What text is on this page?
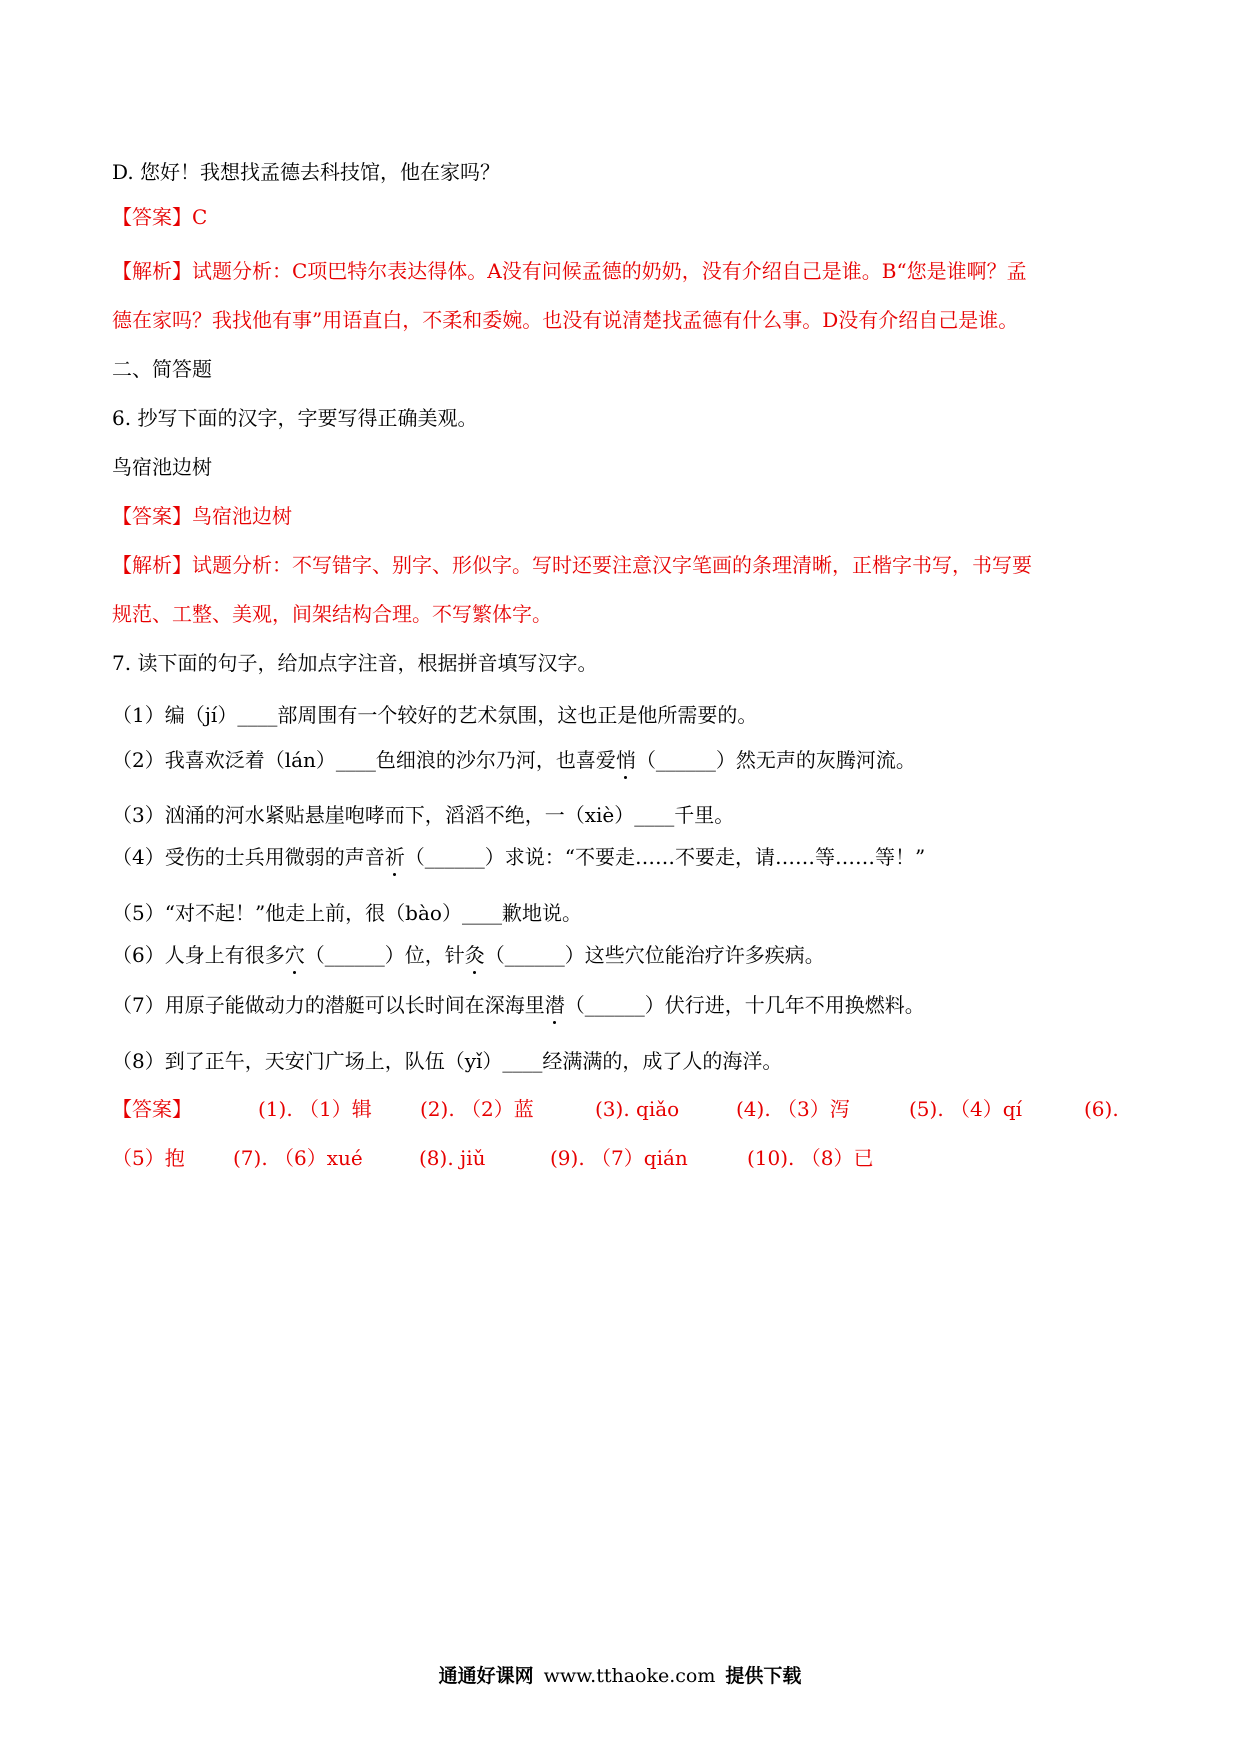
D. 您好！我想找孟德去科技馆，他在家吗？
【答案】C
【解析】试题分析：C项巴特尔表达得体。A没有问候孟德的奶奶，没有介绍自己是谁。B“您是谁啊？孟
德在家吗？我找他有事”用语直白，不柔和委婉。也没有说清楚找孟德有什么事。D没有介绍自己是谁。
二、简答题
6. 抄写下面的汉字，字要写得正确美观。
鸟宿池边树
【答案】鸟宿池边树
【解析】试题分析：不写错字、别字、形似字。写时还要注意汉字笔画的条理清晰，正楷字书写，书写要
规范、工整、美观，间架结构合理。不写繁体字。
7. 读下面的句子，给加点字注音，根据拼音填写汉字。
（1）编（jí）____部周围有一个较好的艺术氛围，这也正是他所需要的。
（2）我喜欢泛着（lán）____色细浪的沙尔乃河，也喜爱悄（______）然无声的灰腾河流。
（3）汹涌的河水紧贴悬崖咆哮而下，滔滔不绝，一（xiè）____千里。
（4）受伤的士兵用微弱的声音祈（______）求说：“不要走……不要走，请……等……等！”
（5）“对不起！”他走上前，很（bào）____歉地说。
（6）人身上有很多穴（______）位，针灸（______）这些穴位能治疗许多疾病。
（7）用原子能做动力的潜艇可以长时间在深海里潜（______）伏行进，十几年不用换燃料。
（8）到了正午，天安门广场上，队伍（yǐ）____经满满的，成了人的海洋。
【答案】	(1). （1）辑 (2). （2）蓝	(3). qiǎo	(4). （3）泻	(5). （4）qí	(6).
（5）抱 (7). （6）xué	(8). jiǔ	(9). （7）qián	(10). （8）已
通通好课网 www.tthaoke.com 提供下载
